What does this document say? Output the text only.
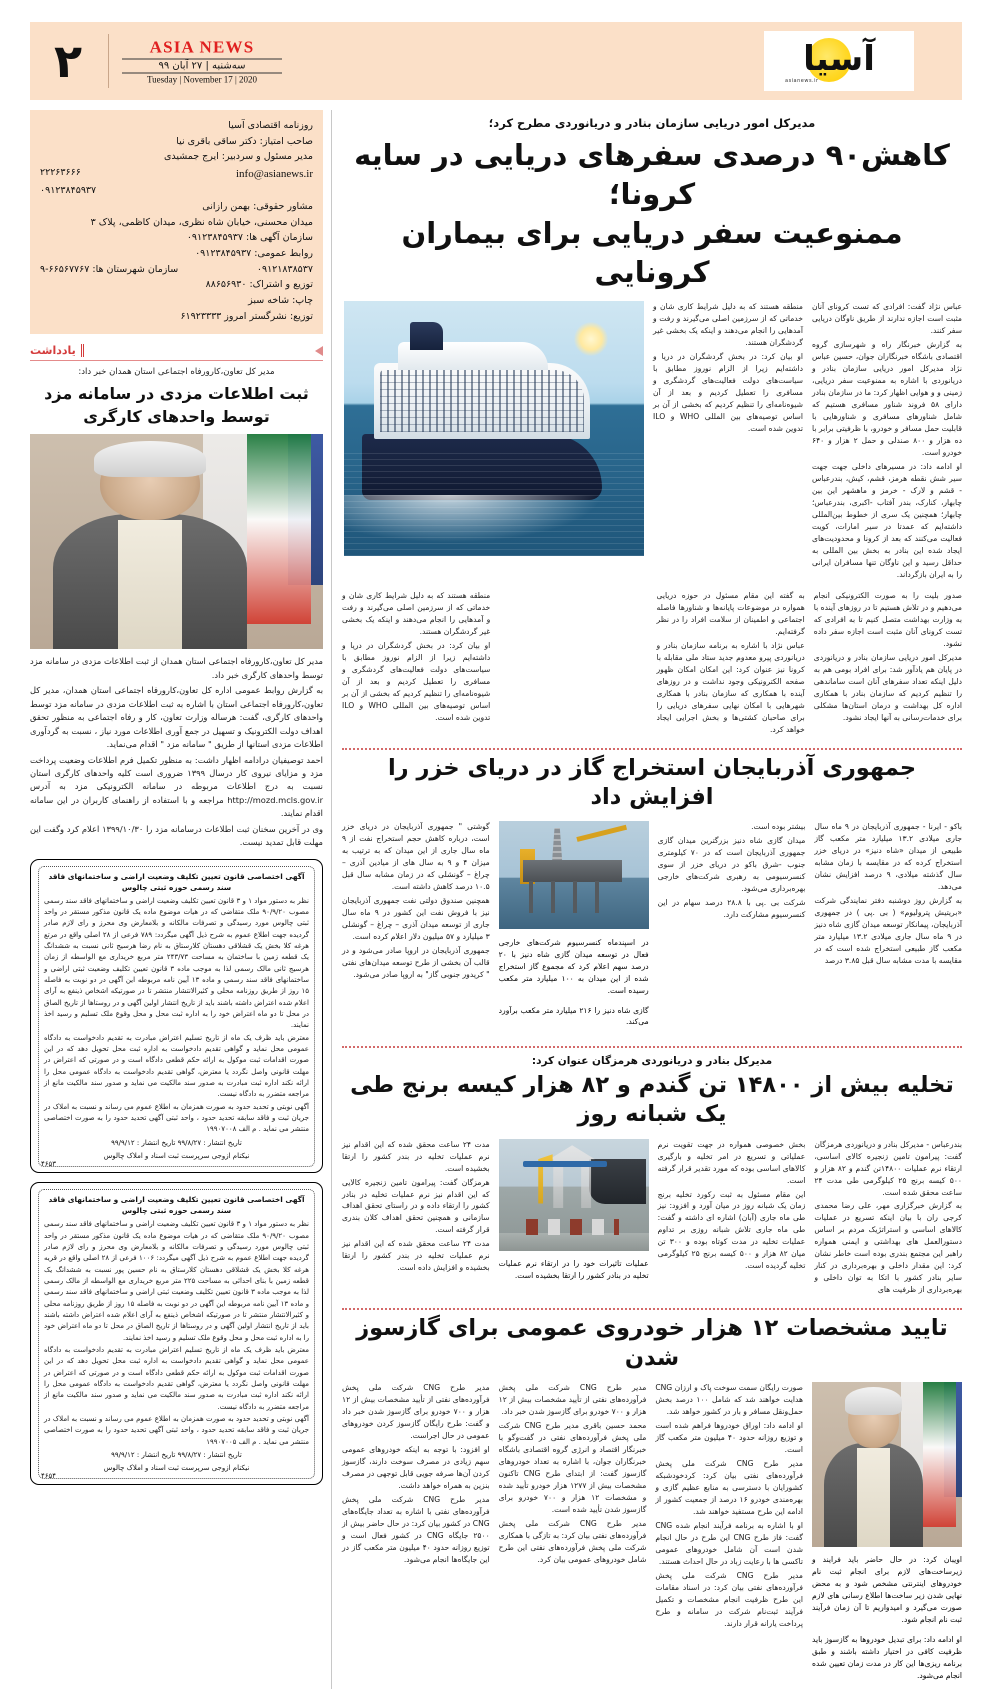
آسیا
asianews.ir
ASIA NEWS
سه‌شنبه | ۲۷ آبان ۹۹
Tuesday | November 17 | 2020
۲
مدیرکل امور دریایی سازمان بنادر و دریانوردی مطرح کرد؛
کاهش۹۰ درصدی سفرهای دریایی در سایه کرونا؛
ممنوعیت سفر دریایی برای بیماران کرونایی

عباس نژاد گفت: افرادی که تست کرونای آنان مثبت است اجازه ندارند از طریق ناوگان دریایی سفر کنند.

به گزارش خبرنگار راه و شهرسازی گروه اقتصادی باشگاه خبرنگاران جوان، حسین عباس نژاد مدیرکل امور دریایی سازمان بنادر و دریانوردی با اشاره به ممنوعیت سفر دریایی، زمینی و و هوایی اظهار کرد: ما در سازمان بنادر دارای ۵۸ فروند شناور مسافری هستیم که شامل شناورهای مسافری و شناورهایی با قابلیت حمل مسافر و خودرو، با ظرفیتی برابر با ده هزار و ۸۰۰ صندلی و حمل ۲ هزار و ۶۴۰ خودرو است.

او ادامه داد: در مسیرهای داخلی جهت جهت سیر شش نقطه هرمز، قشم، کیش، بندرعباس - قشم و لارک - خرمز و ماهشهر این بین چابهار، کنارک، بندر آفتاب -اکبری، بندرعباس؛ چابهار؛ همچنین یک سری از خطوط بین‌المللی داشته‌ایم که عمدتا در سیر امارات، کویت فعالیت می‌کنند که بعد از کرونا و محدودیت‌های ایجاد شده این بنادر به بخش بین المللی به حداقل رسید و این ناوگان تنها مسافران ایرانی را به ایران بازگرداند.

منطقه هستند که به دلیل شرایط کاری شان و خدماتی که از سرزمین اصلی می‌گیرند و رفت و آمدهایی را انجام می‌دهند و اینکه یک بخشی غیر گردشگران هستند.

او بیان کرد: در بخش گردشگران در دریا و داشته‌ایم زیرا از الزام نوروز مطابق با سیاست‌های دولت فعالیت‌های گردشگری و مسافری را تعطیل کردیم و بعد از آن شیوه‌نامه‌ای را تنظیم کردیم که بخشی از آن بر اساس توصیه‌های بین المللی WHO و ILO تدوین شده است.

صدور بلیت را به صورت الکترونیکی انجام می‌دهیم و در تلاش هستیم تا در روزهای آینده با به وزارت بهداشت متصل کنیم تا به افرادی که تست کرونای آنان مثبت است اجازه سفر داده نشود.

مدیرکل امور دریایی سازمان بنادر و دریانوردی در پایان هم یادآور شد: برای افراد بومی هم به دلیل اینکه تعداد سفرهای آنان است ساماندهی را تنظیم کردیم که سازمان بنادر با همکاری اداره کل بهداشت و درمان استان‌ها مشکلی برای خدمات‌رسانی به آنها ایجاد نشود.

به گفته این مقام مسئول در حوزه دریایی همواره در موضوعات پایانه‌ها و شناورها فاصله اجتماعی و اطمینان از سلامت افراد را در نظر گرفته‌ایم.

عباس نژاد با اشاره به برنامه سازمان بنادر و دریانوردی پیرو معدوم جدید ستاد ملی مقابله با کرونا نیز عنوان کرد: این امکان امکان ظهور صفحه الکترونیکی وجود نداشت و در روزهای آینده با همکاری که سازمان بنادر با همکاری شهرهایی با امکان نهایی سفرهای دریایی را برای صاحبان کشتی‌ها و بخش اجرایی ایجاد خواهد کرد.

منطقه هستند که به دلیل شرایط کاری شان و خدماتی که از سرزمین اصلی می‌گیرند و رفت و آمدهایی را انجام می‌دهند و اینکه یک بخشی غیر گردشگران هستند.

او بیان کرد: در بخش گردشگران در دریا و داشته‌ایم زیرا از الزام نوروز مطابق با سیاست‌های دولت فعالیت‌های گردشگری و مسافری را تعطیل کردیم و بعد از آن شیوه‌نامه‌ای را تنظیم کردیم که بخشی از آن بر اساس توصیه‌های بین المللی WHO و ILO تدوین شده است.

جمهوری آذربایجان استخراج گاز در دریای خزر را افزایش داد

باکو - ایرنا - جمهوری آذربایجان در ۹ ماه سال جاری میلادی ۱۳.۲ میلیارد متر مکعب گاز طبیعی از میدان «شاه دنیز» در دریای خزر استخراج کرده که در مقایسه با زمان مشابه سال گذشته میلادی، ۹ درصد افزایش نشان می‌دهد.

به گزارش روز دوشنبه دفتر نمایندگی شرکت «بریتیش پترولیوم» ( بی .پی ) در جمهوری آذربایجان، پیمانکار توسعه میدان گازی شاه دنیز در ۹ ماه سال جاری میلادی ۱۳.۲ میلیارد متر مکعب گاز طبیعی استخراج شده است که در مقایسه با مدت مشابه سال قبل ۳.۸۵ درصد

بیشتر بوده است.

میدان گازی شاه دنیز بزرگترین میدان گازی جمهوری آذربایجان است که در ۷۰ کیلومتری جنوب -شرق باکو در دریای خزر از سوی کنسرسیومی به رهبری شرکت‌های خارجی بهره‌برداری می‌شود.

شرکت بی .پی با ۲۸.۸ درصد سهام در این کنسرسیوم مشارکت دارد.

در اسپندماه کنسرسیوم شرکت‌های خارجی فعال در توسعه میدان گازی شاه دنیز با ۲۰ درصد سهم اعلام کرد که مجموع گاز استخراج شده از این میدان به ۱۰۰ میلیارد متر مکعب رسیده است.

گازی شاه دنیز را ۲۱۶ میلیارد متر مکعب برآورد می‌کند.

گوشتی " جمهوری آذربایجان در دریای خزر است، درباره کاهش حجم استخراج نفت از ۹ ماه سال جاری از این میدان که به ترتیب به میزان ۴ و ۹ به سال های از میادین آذری – چراغ – گونشلی که در زمان مشابه سال قبل ۱۰.۵ درصد کاهش داشته است.

همچنین صندوق دولتی نفت جمهوری آذربایجان نیز با فروش نفت این کشور در ۹ ماه سال جاری از توسعه میدان آذری – چراغ – گونشلی ۳ میلیارد و ۵۷ میلیون دلار اعلام کرده است.

جمهوری آذربایجان در اروپا صادر می‌شود و در قالب آن بخشی از طرح توسعه میدان‌های نفتی " کریدور جنوبی گاز" به اروپا صادر می‌شود.

مدیرکل بنادر و دریانوردی هرمزگان عنوان کرد:
تخلیه بیش از ۱۴۸۰۰ تن گندم و ۸۲ هزار کیسه برنج طی یک شبانه روز

بندرعباس - مدیرکل بنادر و دریانوردی هرمزگان گفت: پیرامون تامین زنجیره کالای اساسی، ارتقاء نرم عملیات ۱۴۸۰۰تن گندم و ۸۲ هزار و ۵۰۰ کیسه برنج ۲۵ کیلوگرمی طی مدت ۲۴ ساعت محقق شده است.

به گزارش خبرگزاری مهر، علی رضا محمدی کرجی ران با بیان اینکه تسریع در عملیات کالاهای اساسی و استراتژیک مردم بر اساس دستورالعمل های بهداشتی و ایمنی همواره راهبر این مجتمع بندری بوده است خاطر نشان کرد: این مقدار داخلی و بهره‌برداری در کنار سایر بنادر کشور با اتکا به توان داخلی و بهره‌برداری از ظرفیت های

بخش خصوصی همواره در جهت تقویت نرم عملیاتی و تسریع در امر تخلیه و بارگیری کالاهای اساسی بوده که مورد تقدیر قرار گرفته است.

این مقام مسئول به ثبت رکورد تخلیه برنج زمان یک شبانه روز در میان آورد و افزود: نیز طی ماه جاری (آبان) اشاره ای داشته و گفت: طی ماه جاری تلاش شبانه روزی بر تداوم عملیات تخلیه در مدت کوتاه بوده و ۳۰۰ تن میان ۸۲ هزار و ۵۰۰ کیسه برنج ۲۵ کیلوگرمی تخلیه گردیده است.

عملیات تاثیرات خود را در ارتقاء نرم عملیات تخلیه در بنادر کشور را ارتقا بخشیده است.

مدت ۲۴ ساعت محقق شده که این اقدام نیز نرم عملیات تخلیه در بندر کشور را ارتقا بخشیده است.

هرمزگان گفت: پیرامون تامین زنجیره کالایی که این اقدام نیز نرم عملیات تخلیه در بنادر کشور را ارتقاء داده و در راستای تحقق اهداف سازمانی و همچنین تحقق اهداف کلان بندری قرار گرفته است.

مدت ۲۴ ساعت محقق شده که این اقدام نیز نرم عملیات تخلیه در بندر کشور را ارتقا بخشیده و افزایش داده است.

تایید مشخصات ۱۲ هزار خودروی عمومی برای گازسوز شدن

اویبان کرد: در حال حاضر باید فرایند و زیرساخت‌های لازم برای انجام ثبت نام خودروهای اینترنتی مشخص شود و به محض نهایی شدن زیر ساخت‌ها اطلاع رسانی های لازم صورت می‌گیرد و امیدواریم تا آن زمان فرآیند ثبت نام انجام شود.

او ادامه داد: برای تبدیل خودروها به گازسوز باید ظرفیت کافی در اختیار داشته باشند و طبق برنامه ریزی‌ها این کار در مدت زمان تعیین شده انجام می‌شود.

صورت رایگان سمت سوخت پاک و ارزان CNG هدایت خواهند شد که شامل ۱۰۰ درصد بخش حمل‌ونقل مسافر و بار در کشور خواهد شد.

او ادامه داد: اوراق خودروها فراهم شده است و توزیع روزانه حدود ۴۰ میلیون متر مکعب گاز است.

مدیر طرح CNG شرکت ملی پخش فرآورده‌های نفتی بیان کرد: کردخودشبکه کشورایان با دسترسی به منابع عظیم گازی و بهره‌مندی خودرو ۱۶ درصد از جمعیت کشور از ادامه این طرح مستفید خواهند شد.

او با اشاره به برنامه فرآیند انجام شده CNG گفت: فاز طرح CNG این طرح در حال انجام شدن است آن شامل خودروهای عمومی تاکسی ها با رعایت زباد در حال احداث هستند.

مدیر طرح CNG شرکت ملی پخش فرآورده‌های نفتی بیان کرد: در اسناد مقامات این طرح ظرفیت انجام مشخصات و تکمیل فرآیند ثبت‌نام شرکت در سامانه و طرح پرداخت یارانه قرار دارند.

مدیر طرح CNG شرکت ملی پخش فرآورده‌های نفتی از تأیید مشخصات بیش از ۱۲ هزار و ۷۰۰ خودرو برای گازسوز شدن خبر داد.

محمد حسین باقری مدیر طرح CNG شرکت ملی پخش فرآورده‌های نفتی در گفت‌وگو با خبرنگار اقتصاد و انرژی گروه اقتصادی باشگاه خبرنگاران جوان، با اشاره به تعداد خودروهای گازسوز گفت: از ابتدای طرح CNG تاکنون مشخصات بیش از ۱۲۷۷ هزار خودرو تأیید شده و مشخصات ۱۲ هزار و ۷۰۰ خودرو برای گازسوز شدن تأیید شده است.

مدیر طرح CNG شرکت ملی پخش فرآورده‌های نفتی بیان کرد: به تازگی با همکاری شرکت ملی پخش فرآورده‌های نفتی این طرح شامل خودروهای عمومی بیان کرد.

مدیر طرح CNG شرکت ملی پخش فرآورده‌های نفتی از تأیید مشخصات بیش از ۱۲ هزار و ۷۰۰ خودرو برای گازسوز شدن خبر داد و گفت: طرح رایگان گازسوز کردن خودروهای عمومی در حال اجراست.

او افزود: با توجه به اینکه خودروهای عمومی سهم زیادی در مصرف سوخت دارند، گازسوز کردن آن‌ها صرفه جویی قابل توجهی در مصرف بنزین به همراه خواهد داشت.

مدیر طرح CNG شرکت ملی پخش فرآورده‌های نفتی با اشاره به تعداد جایگاه‌های CNG در کشور بیان کرد: در حال حاضر بیش از ۲۵۰۰ جایگاه CNG در کشور فعال است و توزیع روزانه حدود ۴۰ میلیون متر مکعب گاز در این جایگاه‌ها انجام می‌شود.

روزنامه اقتصادی آسیا
صاحب امتیاز: دکتر ساقی باقری نیا
مدیر مسئول و سردبیر: ایرج جمشیدی
info@asianews.ir
۲۲۲۶۳۶۶۶
۰۹۱۲۳۸۴۵۹۳۷
مشاور حقوقی: بهمن رازانی
میدان محسنی، خیابان شاه نظری، میدان کاظمی، پلاک ۳
سازمان آگهی ها: ۰۹۱۲۳۸۴۵۹۳۷
روابط عمومی: ۰۹۱۲۳۸۴۵۹۳۷
۰۹۱۲۱۸۳۸۵۳۷
سازمان شهرستان ها: ۶۶۵۶۷۷۶۷-۹
توزیع و اشتراک: ۸۸۶۵۶۹۳۰
چاپ: شاخه سبز
توزیع: نشرگستر امروز ۶۱۹۲۳۳۳۳
یادداشت
مدیر کل تعاون،کارورفاه اجتماعی استان همدان خبر داد:
ثبت اطلاعات مزدی در سامانه مزد توسط واحدهای کارگری

مدیر کل تعاون،کارورفاه اجتماعی استان همدان از ثبت اطلاعات مزدی در سامانه مزد توسط واحدهای کارگری خبر داد.

به گزارش روابط عمومی اداره کل تعاون،کارورفاه اجتماعی استان همدان، مدیر کل تعاون،کارورفاه اجتماعی استان با اشاره به ثبت اطلاعات مزدی در سامانه مزد توسط واحدهای کارگری، گفت: هرساله وزارت تعاون، کار و رفاه اجتماعی به منظور تحقق اهداف دولت الکترونیک و تسهیل در جمع آوری اطلاعات مورد نیاز ، نسبت به گردآوری اطلاعات مزدی استانها از طریق " سامانه مزد " اقدام می‌نماید.

احمد توصیفیان درادامه اظهار داشت: به منظور تکمیل فرم اطلاعات وضعیت پرداخت مزد و مزایای نیرو‌ی کار درسال ۱۳۹۹ ضروری است کلیه واحدهای کارگری استان نسبت به درج اطلاعات مربوطه در سامانه الکترونیکی مزد به آدرس http://mozd.mcls.gov.ir مراجعه و با استفاده از راهنمای کاربران در این سامانه اقدام نمایند.

وی در آخرین سخنان ثبت اطلاعات درسامانه مزد را ۱۳۹۹/۱۰/۳۰ اعلام کرد وگفت این مهلت قابل تمدید نیست.

آگهی اختصاصی قانون تعیین تکلیف وضعیت اراضی و ساختمانهای فاقد سند رسمی حوزه ثبتی چالوس

نظر به دستور مواد ۱ و ۳ قانون تعیین تکلیف وضعیت اراضی و ساختمانهای فاقد سند رسمی مصوب ۹۰/۹/۲۰ ملک متقاضی که در هیات موضوع ماده یک قانون مذکور مستقر در واحد ثبتی چالوس مورد رسیدگی و تصرفات مالکانه و بلامعارض وی محرز و رای لازم صادر گردیده جهت اطلاع عموم به شرح ذیل آگهی میگردد: ۷۸۹ فرعی از ۲۸ اصلی واقع در مرتع هرغه کلا بخش یک قشلاقی دهستان کلارستاق به نام رضا هرسیج ثانی نسبت به ششدانگ یک قطعه زمین با ساختمان به مساحت ۲۴۳/۷۳ متر مربع خریداری مع الواسطه از زمان هرسیج ثانی مالک رسمی لذا به موجب ماده ۳ قانون تعیین تکلیف وضعیت ثبتی اراضی و ساختمانهای فاقد سند رسمی و ماده ۱۳ آیین نامه مربوطه این آگهی در دو نوبت به فاصله ۱۵ روز از طریق روزنامه محلی و کثیرالانتشار منتشر تا در صورتیکه اشخاص ذینفع به آرای اعلام شده اعتراض داشته باشند باید از تاریخ انتشار اولین آگهی و در روستاها از تاریخ الصاق در محل تا دو ماه اعتراض خود را به اداره ثبت محل و محل وقوع ملک تسلیم و رسید اخذ نمایند.

معترض باید ظرف یک ماه از تاریخ تسلیم اعتراض مبادرت به تقدیم دادخواست به دادگاه عمومی محل نماید و گواهی تقدیم دادخواست به اداره ثبت محل تحویل دهد که در این صورت اقدامات ثبت موکول به ارائه حکم قطعی دادگاه است و در صورتی که اعتراض در مهلت قانونی واصل نگردد یا معترض، گواهی تقدیم دادخواست به دادگاه عمومی محل را ارائه نکند اداره ثبت مبادرت به صدور سند مالکیت می نماید و صدور سند مالکیت مانع از مراجعه متضرر به دادگاه نیست.

آگهی نوبتی و تحدید حدود به صورت همزمان به اطلاع عموم می رساند و نسبت به املاک در جریان ثبت و فاقد سابقه تحدید حدود ، واحد ثبتی آگهی تحدید حدود را به صورت اختصاصی منتشر می نماید . م الف ۱۹۹۰۷۰۰۸

تاریخ انتشار : ۹۹/۸/۲۷ تاریخ انتشار : ۹۹/۹/۱۲
نیکنام ازوجی سرپرست ثبت اسناد و املاک چالوس
۴۶۵۳
آگهی اختصاصی قانون تعیین تکلیف وضعیت اراضی و ساختمانهای فاقد سند رسمی حوزه ثبتی چالوس

نظر به دستور مواد ۱ و ۳ قانون تعیین تکلیف وضعیت اراضی و ساختمانهای فاقد سند رسمی مصوب ۹۰/۹/۲۰ ملک متقاضی که در هیات موضوع ماده یک قانون مذکور مستقر در واحد ثبتی چالوس مورد رسیدگی و تصرفات مالکانه و بلامعارض وی محرز و رای لازم صادر گردیده جهت اطلاع عموم به شرح ذیل آگهی میگردد: ۱۰۰۶ فرعی از ۲۸ اصلی واقع در قریه هرغه کلا بخش یک قشلاقی دهستان کلارستاق به نام حسین پور نسبت به ششدانگ یک قطعه زمین با بنای احداثی به مساحت ۲۲۵ متر مربع خریداری مع الواسطه از مالک رسمی لذا به موجب ماده ۳ قانون تعیین تکلیف وضعیت ثبتی اراضی و ساختمانهای فاقد سند رسمی و ماده ۱۳ آیین نامه مربوطه این آگهی در دو نوبت به فاصله ۱۵ روز از طریق روزنامه محلی و کثیرالانتشار منتشر تا در صورتیکه اشخاص ذینفع به آرای اعلام شده اعتراض داشته باشند باید از تاریخ انتشار اولین آگهی و در روستاها از تاریخ الصاق در محل تا دو ماه اعتراض خود را به اداره ثبت محل و محل وقوع ملک تسلیم و رسید اخذ نمایند.

معترض باید ظرف یک ماه از تاریخ تسلیم اعتراض مبادرت به تقدیم دادخواست به دادگاه عمومی محل نماید و گواهی تقدیم دادخواست به اداره ثبت محل تحویل دهد که در این صورت اقدامات ثبت موکول به ارائه حکم قطعی دادگاه است و در صورتی که اعتراض در مهلت قانونی واصل نگردد یا معترض، گواهی تقدیم دادخواست به دادگاه عمومی محل را ارائه نکند اداره ثبت مبادرت به صدور سند مالکیت می نماید و صدور سند مالکیت مانع از مراجعه متضرر به دادگاه نیست.

آگهی نوبتی و تحدید حدود به صورت همزمان به اطلاع عموم می رساند و نسبت به املاک در جریان ثبت و فاقد سابقه تحدید حدود ، واحد ثبتی آگهی تحدید حدود را به صورت اختصاصی منتشر می نماید . م الف ۱۹۹۰۷۰۰۵

تاریخ انتشار : ۹۹/۸/۲۷ تاریخ انتشار : ۹۹/۹/۱۲
نیکنام ازوجی سرپرست ثبت اسناد و املاک چالوس
۴۶۵۴
